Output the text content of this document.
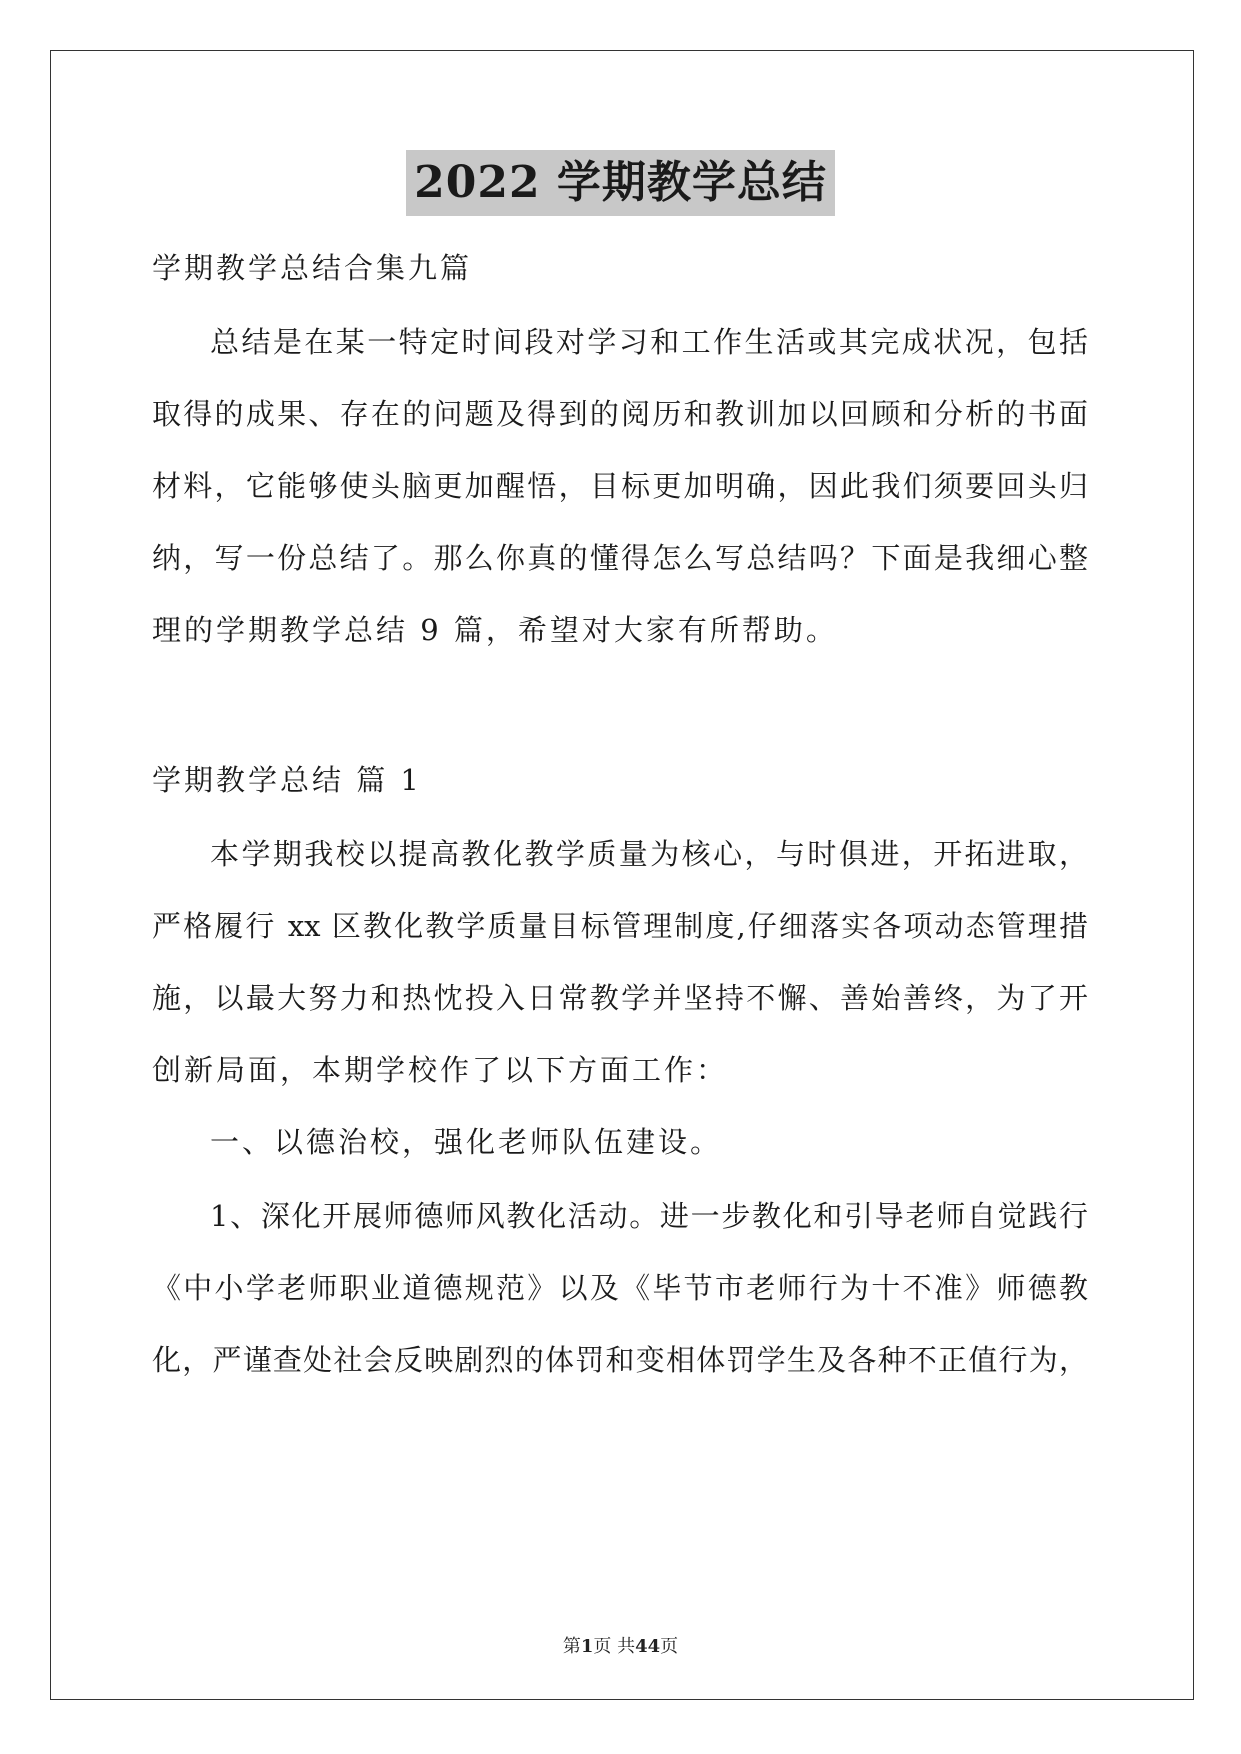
2022 学期教学总结
学期教学总结合集九篇
总结是在某一特定时间段对学习和工作生活或其完成状况，包括
取得的成果、存在的问题及得到的阅历和教训加以回顾和分析的书面
材料，它能够使头脑更加醒悟，目标更加明确，因此我们须要回头归
纳，写一份总结了。那么你真的懂得怎么写总结吗？下面是我细心整
理的学期教学总结 9 篇，希望对大家有所帮助。
学期教学总结 篇 1
本学期我校以提高教化教学质量为核心，与时俱进，开拓进取，
严格履行 xx 区教化教学质量目标管理制度,仔细落实各项动态管理措
施，以最大努力和热忱投入日常教学并坚持不懈、善始善终，为了开
创新局面，本期学校作了以下方面工作：
一、以德治校，强化老师队伍建设。
1、深化开展师德师风教化活动。进一步教化和引导老师自觉践行
《中小学老师职业道德规范》以及《毕节市老师行为十不准》师德教
化，严谨查处社会反映剧烈的体罚和变相体罚学生及各种不正值行为，
第1页 共44页
